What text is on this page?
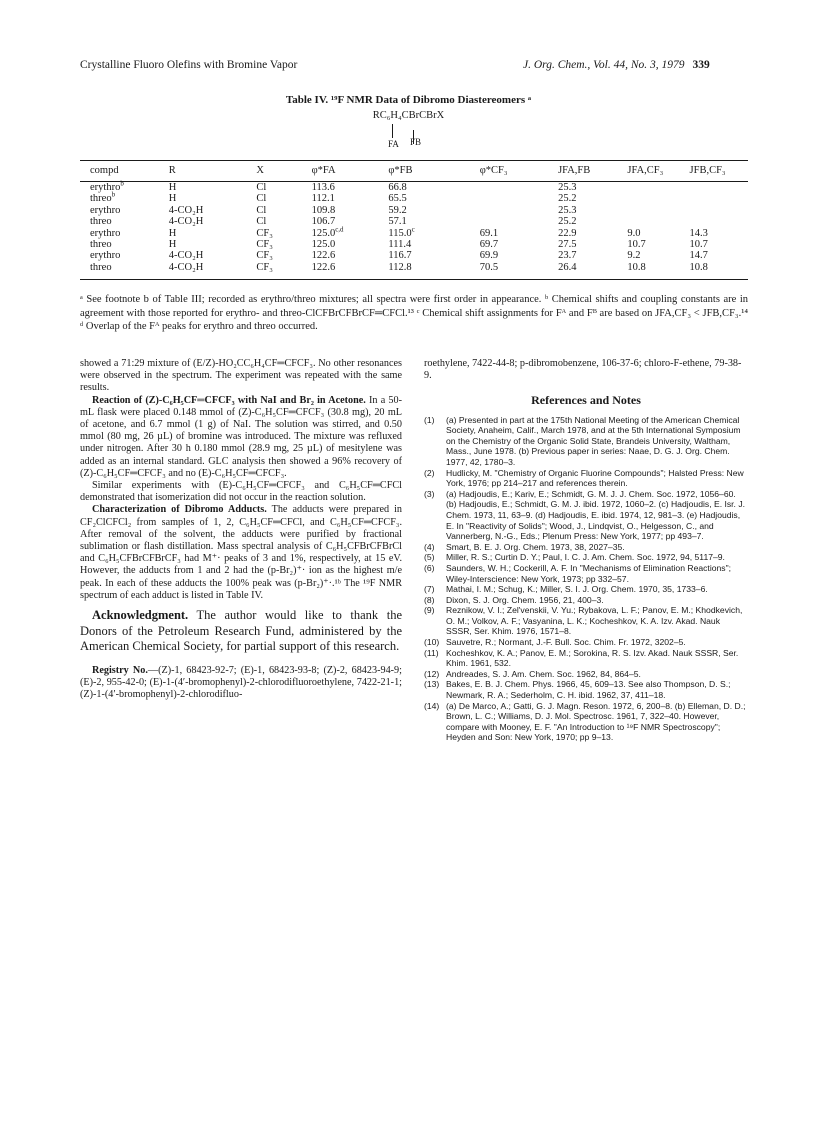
Crystalline Fluoro Olefins with Bromine Vapor	J. Org. Chem., Vol. 44, No. 3, 1979 339
Table IV. ¹⁹F NMR Data of Dibromo Diastereomers ᵃ
RC₆H₄CBrCBrX
FA FB
compd	R	X	φ*FA	φ*FB	φ*CF₃	JFA,FB	JFA,CF₃	JFB,CF₃
erythro$^b$	H	Cl	113.6	66.8		25.3		
threo$^b$	H	Cl	112.1	65.5		25.2		
erythro	4-CO₂H	Cl	109.8	59.2		25.3		
threo	4-CO₂H	Cl	106.7	57.1		25.2		
erythro	H	CF₃	125.0$^{c,d}$	115.0$^c$	69.1	22.9	9.0	14.3
threo	H	CF₃	125.0	111.4	69.7	27.5	10.7	10.7
erythro	4-CO₂H	CF₃	122.6	116.7	69.9	23.7	9.2	14.7
threo	4-CO₂H	CF₃	122.6	112.8	70.5	26.4	10.8	10.8
ᵃ See footnote b of Table III; recorded as erythro/threo mixtures; all spectra were first order in appearance. ᵇ Chemical shifts and coupling constants are in agreement with those reported for erythro- and threo-ClCFBrCFBrCF═CFCl.¹³ ᶜ Chemical shift assignments for Fᴬ and Fᴮ are based on JFA,CF₃ < JFB,CF₃.¹⁴ ᵈ Overlap of the Fᴬ peaks for erythro and threo occurred.

showed a 71:29 mixture of (E/Z)-HO₂CC₆H₄CF═CFCF₃. No other resonances were observed in the spectrum. The experiment was repeated with the same results.

Reaction of (Z)-C₆H₅CF═CFCF₃ with NaI and Br₂ in Acetone. In a 50-mL flask were placed 0.148 mmol of (Z)-C₆H₅CF═CFCF₃ (30.8 mg), 20 mL of acetone, and 6.7 mmol (1 g) of NaI. The solution was stirred, and 0.50 mmol (80 mg, 26 µL) of bromine was introduced. The mixture was refluxed under nitrogen. After 30 h 0.180 mmol (28.9 mg, 25 µL) of mesitylene was added as an internal standard. GLC analysis then showed a 96% recovery of (Z)-C₆H₅CF═CFCF₃ and no (E)-C₆H₅CF═CFCF₃.

Similar experiments with (E)-C₆H₅CF═CFCF₃ and C₆H₅CF═CFCl demonstrated that isomerization did not occur in the reaction solution.

Characterization of Dibromo Adducts. The adducts were prepared in CF₂ClCFCl₂ from samples of 1, 2, C₆H₅CF═CFCl, and C₆H₅CF═CFCF₃. After removal of the solvent, the adducts were purified by fractional sublimation or flash distillation. Mass spectral analysis of C₆H₅CFBrCFBrCl and C₆H₅CFBrCFBrCF₃ had M⁺· peaks of 3 and 1%, respectively, at 15 eV. However, the adducts from 1 and 2 had the (p-Br₂)⁺· ion as the highest m/e peak. In each of these adducts the 100% peak was (p-Br₂)⁺·.¹ᵇ The ¹⁹F NMR spectrum of each adduct is listed in Table IV.

Acknowledgment. The author would like to thank the Donors of the Petroleum Research Fund, administered by the American Chemical Society, for partial support of this research.

Registry No.—(Z)-1, 68423-92-7; (E)-1, 68423-93-8; (Z)-2, 68423-94-9; (E)-2, 955-42-0; (E)-1-(4′-bromophenyl)-2-chlorodifluoroethylene, 7422-21-1; (Z)-1-(4′-bromophenyl)-2-chlorodifluo-

roethylene, 7422-44-8; p-dibromobenzene, 106-37-6; chloro-F-ethene, 79-38-9.

References and Notes

(1)	(a) Presented in part at the 175th National Meeting of the American Chemical Society, Anaheim, Calif., March 1978, and at the 5th International Symposium on the Chemistry of the Organic Solid State, Brandeis University, Waltham, Mass., June 1978. (b) Previous paper in series: Naae, D. G. J. Org. Chem. 1977, 42, 1780–3.
(2)	Hudlicky, M. "Chemistry of Organic Fluorine Compounds"; Halsted Press: New York, 1976; pp 214–217 and references therein.
(3)	(a) Hadjoudis, E.; Kariv, E.; Schmidt, G. M. J. J. Chem. Soc. 1972, 1056–60. (b) Hadjoudis, E.; Schmidt, G. M. J. ibid. 1972, 1060–2. (c) Hadjoudis, E. Isr. J. Chem. 1973, 11, 63–9. (d) Hadjoudis, E. ibid. 1974, 12, 981–3. (e) Hadjoudis, E. In "Reactivity of Solids"; Wood, J., Lindqvist, O., Helgesson, C., and Vannerberg, N.-G., Eds.; Plenum Press: New York, 1977; pp 493–7.
(4)	Smart, B. E. J. Org. Chem. 1973, 38, 2027–35.
(5)	Miller, R. S.; Curtin D. Y.; Paul, I. C. J. Am. Chem. Soc. 1972, 94, 5117–9.
(6)	Saunders, W. H.; Cockerill, A. F. In "Mechanisms of Elimination Reactions"; Wiley-Interscience: New York, 1973; pp 332–57.
(7)	Mathai, I. M.; Schug, K.; Miller, S. I. J. Org. Chem. 1970, 35, 1733–6.
(8)	Dixon, S. J. Org. Chem. 1956, 21, 400–3.
(9)	Reznikow, V. I.; Zel'venskii, V. Yu.; Rybakova, L. F.; Panov, E. M.; Khodkevich, O. M.; Volkov, A. F.; Vasyanina, L. K.; Kocheshkov, K. A. Izv. Akad. Nauk SSSR, Ser. Khim. 1976, 1571–8.
(10) Sauvetre, R.; Normant, J.-F. Bull. Soc. Chim. Fr. 1972, 3202–5.
(11) Kocheshkov, K. A.; Panov, E. M.; Sorokina, R. S. Izv. Akad. Nauk SSSR, Ser. Khim. 1961, 532.
(12) Andreades, S. J. Am. Chem. Soc. 1962, 84, 864–5.
(13) Bakes, E. B. J. Chem. Phys. 1966, 45, 609–13. See also Thompson, D. S.; Newmark, R. A.; Sederholm, C. H. ibid. 1962, 37, 411–18.
(14) (a) De Marco, A.; Gatti, G. J. Magn. Reson. 1972, 6, 200–8. (b) Elleman, D. D.; Brown, L. C.; Williams, D. J. Mol. Spectrosc. 1961, 7, 322–40. However, compare with Mooney, E. F. "An Introduction to ¹⁹F NMR Spectroscopy"; Heyden and Son: New York, 1970; pp 9–13.
